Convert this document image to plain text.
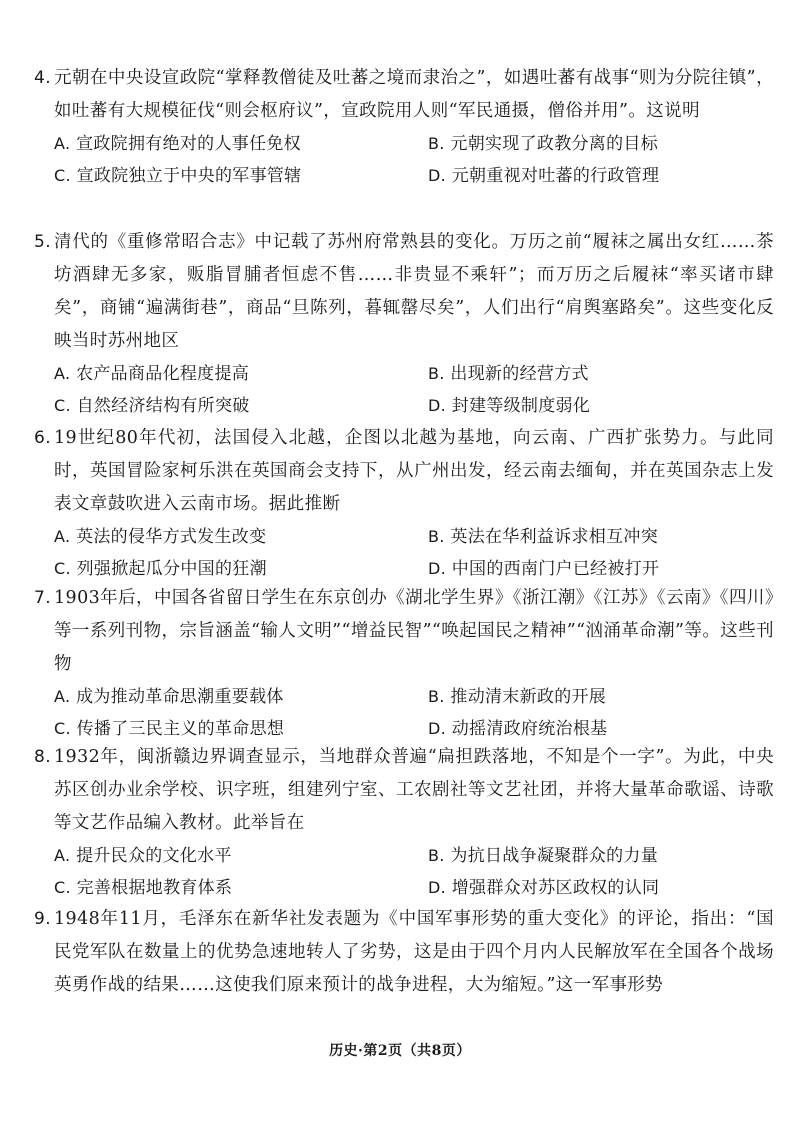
4. 元朝在中央设宣政院“掌释教僧徒及吐蕃之境而隶治之”，如遇吐蕃有战事“则为分院往镇”，如吐蕃有大规模征伐“则会枢府议”，宣政院用人则“军民通摄，僧俗并用”。这说明

A. 宣政院拥有绝对的人事任免权	B. 元朝实现了政教分离的目标
C. 宣政院独立于中央的军事管辖	D. 元朝重视对吐蕃的行政管理

5. 清代的《重修常昭合志》中记载了苏州府常熟县的变化。万历之前“履袜之属出女红……茶坊酒肆无多家，贩脂冒脯者恒虑不售……非贵显不乘轩”；而万历之后履袜“率买诸市肆矣”，商铺“遍满街巷”，商品“旦陈列，暮辄罄尽矣”，人们出行“肩舆塞路矣”。这些变化反映当时苏州地区

A. 农产品商品化程度提高	B. 出现新的经营方式
C. 自然经济结构有所突破	D. 封建等级制度弱化

6. 19世纪80年代初，法国侵入北越，企图以北越为基地，向云南、广西扩张势力。与此同时，英国冒险家柯乐洪在英国商会支持下，从广州出发，经云南去缅甸，并在英国杂志上发表文章鼓吹进入云南市场。据此推断

A. 英法的侵华方式发生改变	B. 英法在华利益诉求相互冲突
C. 列强掀起瓜分中国的狂潮	D. 中国的西南门户已经被打开

7. 1903年后，中国各省留日学生在东京创办《湖北学生界》《浙江潮》《江苏》《云南》《四川》等一系列刊物，宗旨涵盖“输人文明”“增益民智”“唤起国民之精神”“汹涌革命潮”等。这些刊物

A. 成为推动革命思潮重要载体	B. 推动清末新政的开展
C. 传播了三民主义的革命思想	D. 动摇清政府统治根基

8. 1932年，闽浙赣边界调查显示，当地群众普遍“扁担跌落地，不知是个一字”。为此，中央苏区创办业余学校、识字班，组建列宁室、工农剧社等文艺社团，并将大量革命歌谣、诗歌等文艺作品编入教材。此举旨在

A. 提升民众的文化水平	B. 为抗日战争凝聚群众的力量
C. 完善根据地教育体系	D. 增强群众对苏区政权的认同

9. 1948年11月，毛泽东在新华社发表题为《中国军事形势的重大变化》的评论，指出：“国民党军队在数量上的优势急速地转人了劣势，这是由于四个月内人民解放军在全国各个战场英勇作战的结果……这使我们原来预计的战争进程，大为缩短。”这一军事形势

历史·第2页（共8页）
